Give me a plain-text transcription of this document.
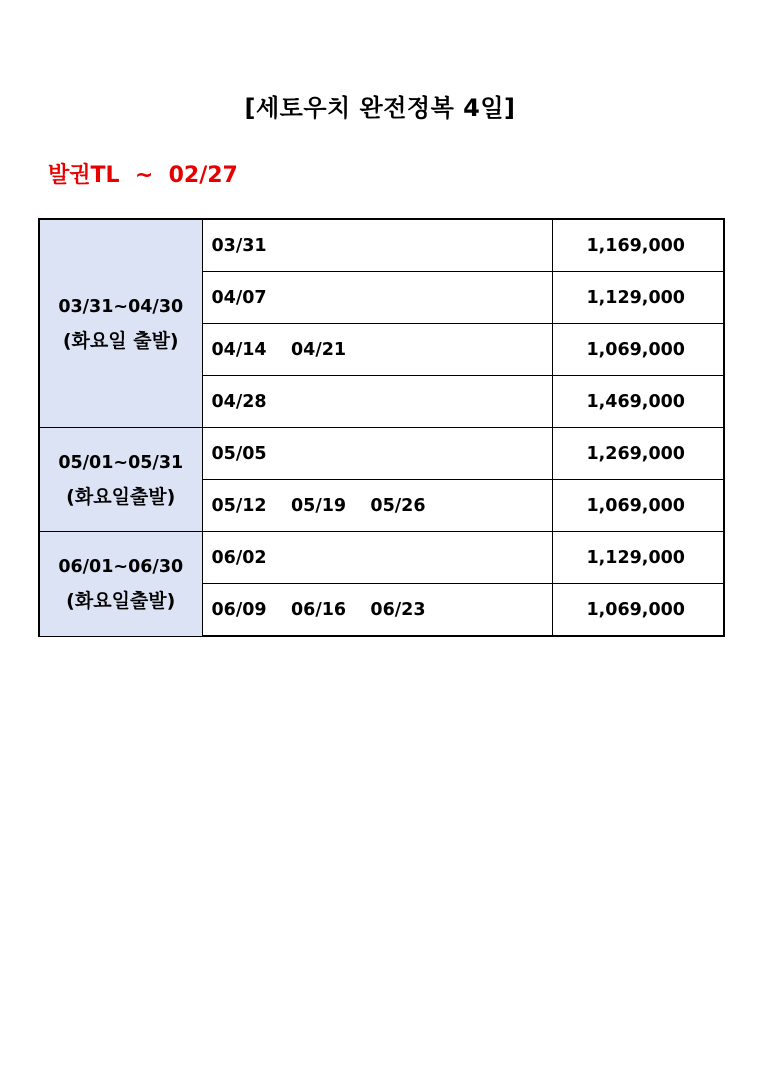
[세토우치 완전정복 4일]
발권TL  ~  02/27
03/31~04/30
(화요일 출발)	03/31	1,169,000
	04/07	1,129,000
	04/14    04/21	1,069,000
	04/28	1,469,000
05/01~05/31
(화요일출발)	05/05	1,269,000
	05/12    05/19    05/26	1,069,000
06/01~06/30
(화요일출발)	06/02	1,129,000
	06/09    06/16    06/23	1,069,000
